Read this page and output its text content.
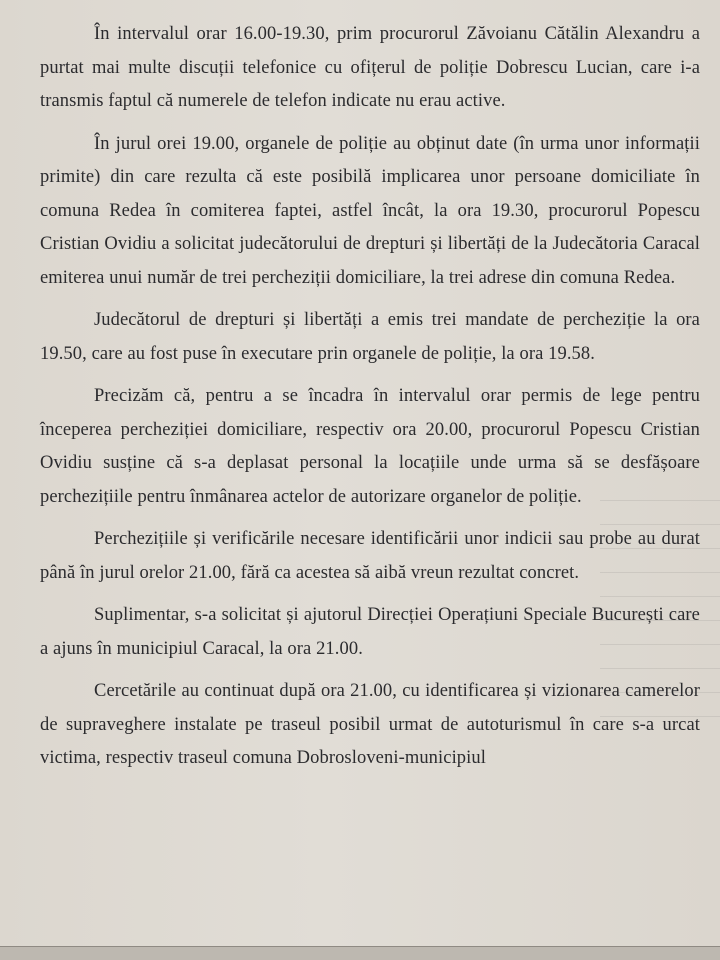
În intervalul orar 16.00-19.30, prim procurorul Zăvoianu Cătălin Alexandru a purtat mai multe discuții telefonice cu ofițerul de poliție Dobrescu Lucian, care i-a transmis faptul că numerele de telefon indicate nu erau active.

În jurul orei 19.00, organele de poliție au obținut date (în urma unor informații primite) din care rezulta că este posibilă implicarea unor persoane domiciliate în comuna Redea în comiterea faptei, astfel încât, la ora 19.30, procurorul Popescu Cristian Ovidiu a solicitat judecătorului de drepturi și libertăți de la Judecătoria Caracal emiterea unui număr de trei percheziții domiciliare, la trei adrese din comuna Redea.

Judecătorul de drepturi și libertăți a emis trei mandate de percheziție la ora 19.50, care au fost puse în executare prin organele de poliție, la ora 19.58.

Precizăm că, pentru a se încadra în intervalul orar permis de lege pentru începerea percheziției domiciliare, respectiv ora 20.00, procurorul Popescu Cristian Ovidiu susține că s-a deplasat personal la locațiile unde urma să se desfășoare perchezițiile pentru înmânarea actelor de autorizare organelor de poliție.

Perchezițiile și verificările necesare identificării unor indicii sau probe au durat până în jurul orelor 21.00, fără ca acestea să aibă vreun rezultat concret.

Suplimentar, s-a solicitat și ajutorul Direcției Operațiuni Speciale București care a ajuns în municipiul Caracal, la ora 21.00.

Cercetările au continuat după ora 21.00, cu identificarea și vizionarea camerelor de supraveghere instalate pe traseul posibil urmat de autoturismul în care s-a urcat victima, respectiv traseul comuna Dobrosloveni-municipiul
